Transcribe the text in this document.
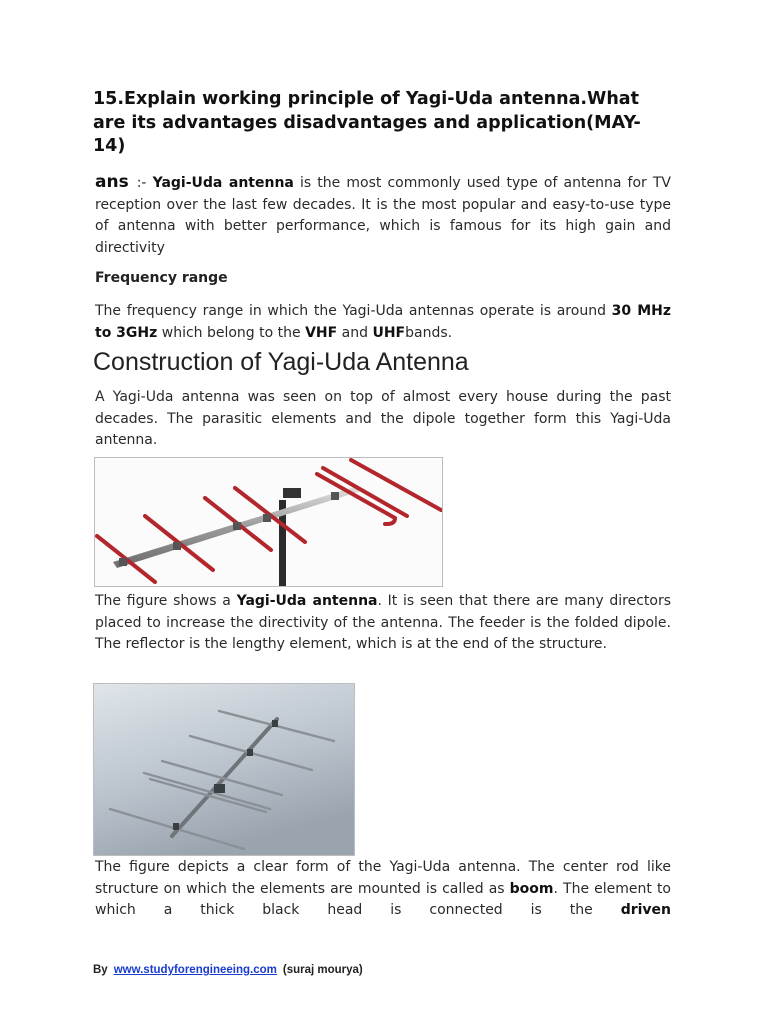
15.Explain working principle of Yagi-Uda antenna.What are its advantages disadvantages and application(MAY-14)

ans :- Yagi-Uda antenna is the most commonly used type of antenna for TV reception over the last few decades. It is the most popular and easy-to-use type of antenna with better performance, which is famous for its high gain and directivity

Frequency range

The frequency range in which the Yagi-Uda antennas operate is around 30 MHz to 3GHz which belong to the VHF and UHFbands.

Construction of Yagi-Uda Antenna

A Yagi-Uda antenna was seen on top of almost every house during the past decades. The parasitic elements and the dipole together form this Yagi-Uda antenna.

The figure shows a Yagi-Uda antenna. It is seen that there are many directors placed to increase the directivity of the antenna. The feeder is the folded dipole. The reflector is the lengthy element, which is at the end of the structure.

The figure depicts a clear form of the Yagi-Uda antenna. The center rod like structure on which the elements are mounted is called as boom. The element to which a thick black head is connected is the driven

By www.studyforengineeing.com (suraj mourya)
